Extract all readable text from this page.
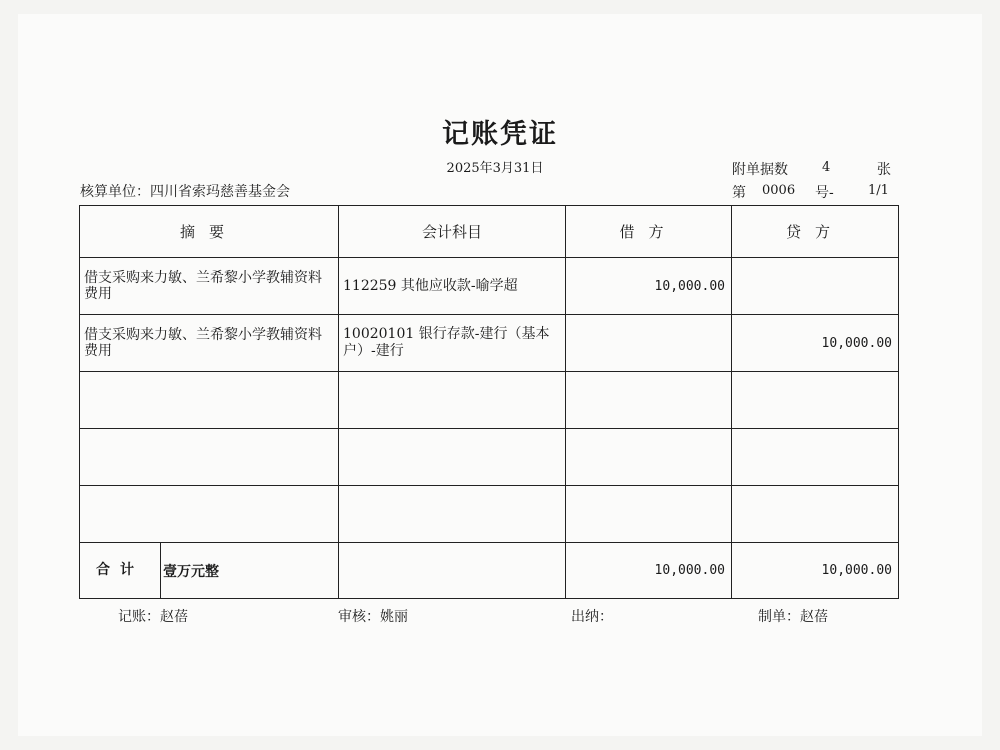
记账凭证
2025年3月31日
核算单位：四川省索玛慈善基金会
附单据数	4	张
第 0006 号-	1/1
摘要	会计科目	借方	贷方
借支采购来力敏、兰希黎小学教辅资料费用	112259 其他应收款-喻学超	10,000.00	
借支采购来力敏、兰希黎小学教辅资料费用	10020101 银行存款-建行（基本户）-建行		10,000.00

合计 壹万元整		10,000.00	10,000.00
记账：赵蓓	审核：姚丽	出纳：	制单：赵蓓
